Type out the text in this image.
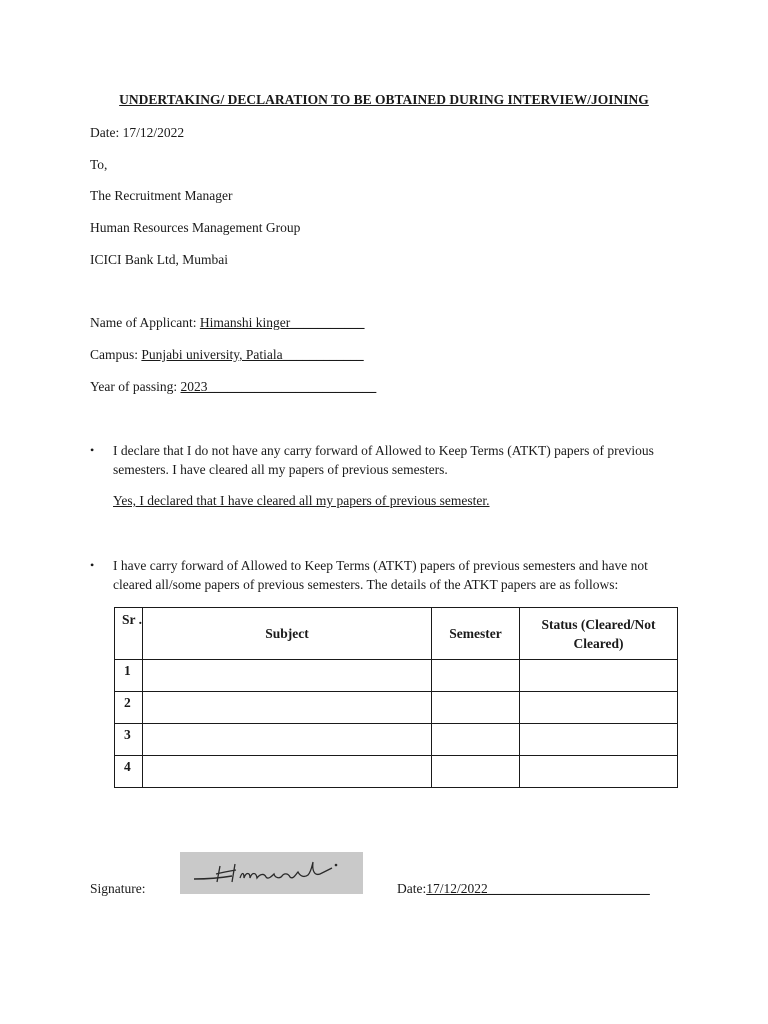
UNDERTAKING/ DECLARATION TO BE OBTAINED DURING INTERVIEW/JOINING
Date: 17/12/2022
To,
The Recruitment Manager
Human Resources Management Group
ICICI Bank Ltd, Mumbai
Name of Applicant: Himanshi kinger___________
Campus: Punjabi university, Patiala____________
Year of passing: 2023_________________________
• I declare that I do not have any carry forward of Allowed to Keep Terms (ATKT) papers of previous semesters. I have cleared all my papers of previous semesters.
Yes, I declared that I have cleared all my papers of previous semester.
• I have carry forward of Allowed to Keep Terms (ATKT) papers of previous semesters and have not cleared all/some papers of previous semesters. The details of the ATKT papers are as follows:
Sr .	Subject	Semester	Status (Cleared/Not Cleared)
1			
2			
3			
4			
Signature:	Date:17/12/2022________________________
